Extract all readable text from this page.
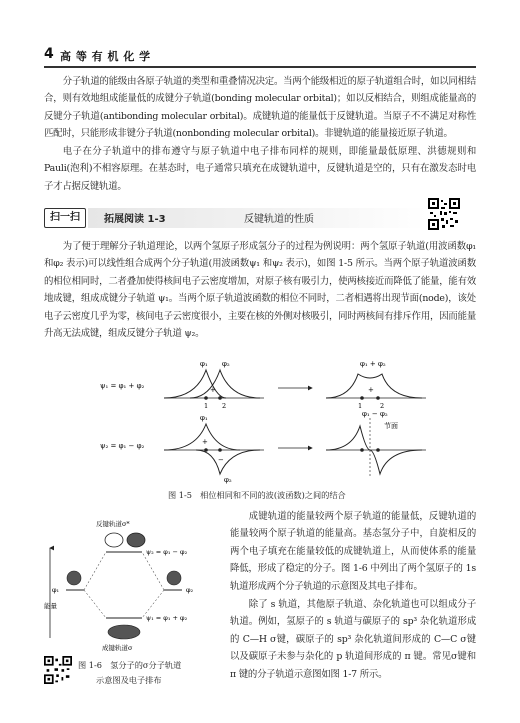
4 高 等 有 机 化 学

分子轨道的能级由各原子轨道的类型和重叠情况决定。当两个能级相近的原子轨道组合时，如以同相结合，则有效地组成能量低的成键分子轨道(bonding molecular orbital)；如以反相结合，则组成能量高的反键分子轨道(antibonding molecular orbital)。成键轨道的能量低于反键轨道。当原子不不满足对称性匹配时，只能形成非键分子轨道(nonbonding molecular orbital)。非键轨道的能量接近原子轨道。

电子在分子轨道中的排布遵守与原子轨道中电子排布同样的规则，即能量最低原理、洪德规则和 Pauli(泡利)不相容原理。在基态时，电子通常只填充在成键轨道中，反键轨道是空的，只有在激发态时电子才占据反键轨道。

扫一扫	拓展阅读 1-3	反键轨道的性质

为了便于理解分子轨道理论，以两个氢原子形成氢分子的过程为例说明：两个氢原子轨道(用波函数φ₁ 和φ₂ 表示)可以线性组合成两个分子轨道(用波函数ψ₁ 和ψ₂ 表示)，如图 1-5 所示。当两个原子轨道波函数的相位相同时，二者叠加使得核间电子云密度增加，对原子核有吸引力，使两核接近而降低了能量，能有效地成键，组成成键分子轨道 ψ₁。当两个原子轨道波函数的相位不同时，二者相遇将出现节面(node)，该处电子云密度几乎为零，核间电子云密度很小，主要在核的外侧对核吸引，同时两核间有排斥作用，因而能量升高无法成键，组成反键分子轨道 ψ₂。

ψ₁ = φ₁ + φ₂
φ₁ φ₂
+
1 2
φ₁ + φ₂
+
1	2
ψ₂ = φ₁ − φ₂
φ₁
φ₂
+
−
φ₁ − φ₂
节面
图 1-5　相位相同和不同的波(波函数)之间的结合
反键轨道σ*
ψ₂ = φ₁ − φ₂
φ₁	φ₂
ψ₁ = φ₁ + φ₂
成键轨道σ
能量
图 1-6　氢分子的σ分子轨道
示意图及电子排布

成键轨道的能量较两个原子轨道的能量低，反键轨道的能量较两个原子轨道的能量高。基态氢分子中，自旋相反的两个电子填充在能量较低的成键轨道上，从而使体系的能量降低，形成了稳定的分子。图 1-6 中列出了两个氢原子的 1s 轨道形成两个分子轨道的示意图及其电子排布。

除了 s 轨道，其他原子轨道、杂化轨道也可以组成分子轨道。例如，氢原子的 s 轨道与碳原子的 sp³ 杂化轨道形成的 C—H σ键，碳原子的 sp³ 杂化轨道间形成的 C—C σ键以及碳原子未参与杂化的 p 轨道间形成的 π 键。常见σ键和 π 键的分子轨道示意图如图 1-7 所示。
